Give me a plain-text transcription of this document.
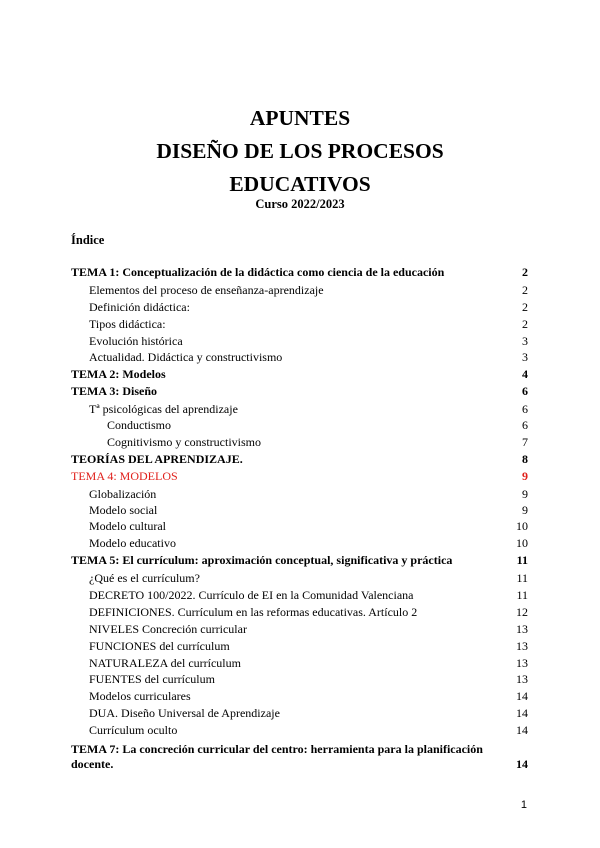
APUNTES
DISEÑO DE LOS PROCESOS
EDUCATIVOS
Curso 2022/2023
Índice
TEMA 1: Conceptualización de la didáctica como ciencia de la educación	2
Elementos del proceso de enseñanza-aprendizaje	2
Definición didáctica:	2
Tipos didáctica:	2
Evolución histórica	3
Actualidad. Didáctica y constructivismo	3
TEMA 2: Modelos	4
TEMA 3: Diseño	6
Tª psicológicas del aprendizaje	6
Conductismo	6
Cognitivismo y constructivismo	7
TEORÍAS DEL APRENDIZAJE.	8
TEMA 4: MODELOS	9
Globalización	9
Modelo social	9
Modelo cultural	10
Modelo educativo	10
TEMA 5: El currículum: aproximación conceptual, significativa y práctica	11
¿Qué es el currículum?	11
DECRETO 100/2022. Currículo de EI en la Comunidad Valenciana	11
DEFINICIONES. Currículum en las reformas educativas. Artículo 2	12
NIVELES Concreción curricular	13
FUNCIONES del currículum	13
NATURALEZA del currículum	13
FUENTES del currículum	13
Modelos curriculares	14
DUA. Diseño Universal de Aprendizaje	14
Currículum oculto	14
TEMA 7: La concreción curricular del centro: herramienta para la planificación docente.	14
1
